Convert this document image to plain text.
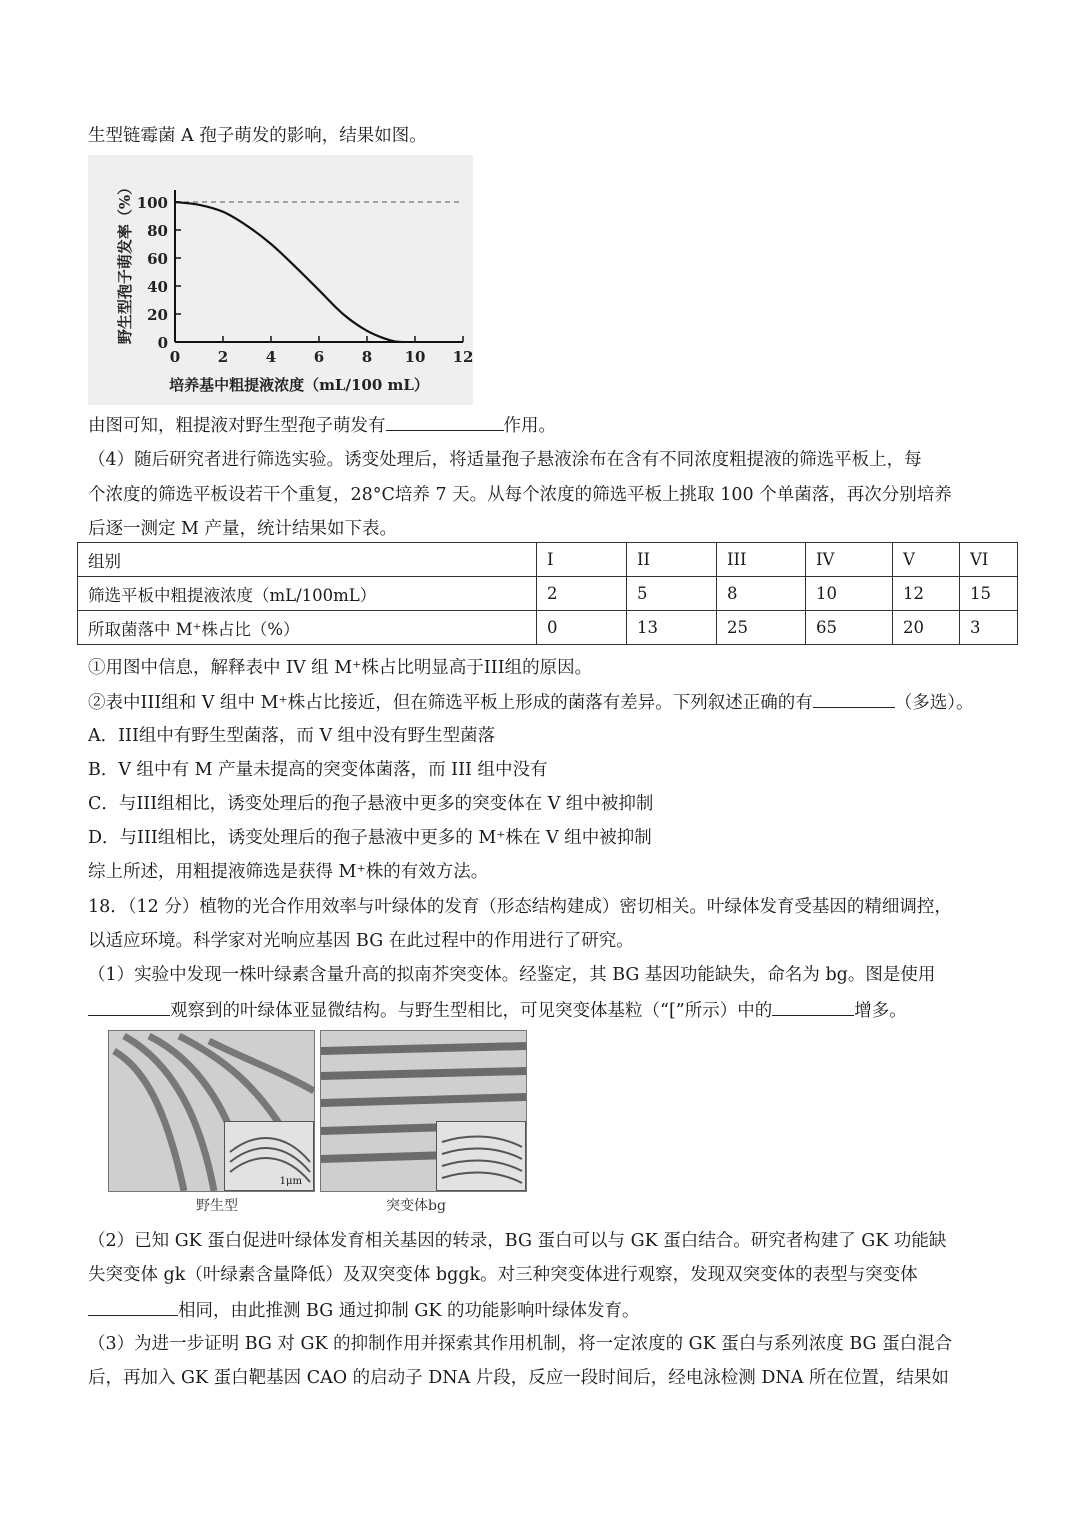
生型链霉菌 A 孢子萌发的影响，结果如图。
0
20
40
60
80
100
0	2	4	6	8 10 12
野生型孢子萌发率（%）
培养基中粗提液浓度（mL/100 mL）
由图可知，粗提液对野生型孢子萌发有	作用。
（4）随后研究者进行筛选实验。诱变处理后，将适量孢子悬液涂布在含有不同浓度粗提液的筛选平板上，每
个浓度的筛选平板设若干个重复，28°C培养 7 天。从每个浓度的筛选平板上挑取 100 个单菌落，再次分别培养
后逐一测定 M 产量，统计结果如下表。
组别	I	II	III	IV	V	VI
筛选平板中粗提液浓度（mL/100mL）	2	5	8	10	12	15
所取菌落中 M⁺株占比（%）	0	13	25	65	20	3
①用图中信息，解释表中 IV 组 M⁺株占比明显高于III组的原因。
②表中III组和 V 组中 M⁺株占比接近，但在筛选平板上形成的菌落有差异。下列叙述正确的有	（多选）。
A．III组中有野生型菌落，而 V 组中没有野生型菌落
B．V 组中有 M 产量未提高的突变体菌落，而 III 组中没有
C．与III组相比，诱变处理后的孢子悬液中更多的突变体在 V 组中被抑制
D．与III组相比，诱变处理后的孢子悬液中更多的 M⁺株在 V 组中被抑制
综上所述，用粗提液筛选是获得 M⁺株的有效方法。
18．（12 分）植物的光合作用效率与叶绿体的发育（形态结构建成）密切相关。叶绿体发育受基因的精细调控，
以适应环境。科学家对光响应基因 BG 在此过程中的作用进行了研究。
（1）实验中发现一株叶绿素含量升高的拟南芥突变体。经鉴定，其 BG 基因功能缺失，命名为 bg。图是使用
观察到的叶绿体亚显微结构。与野生型相比，可见突变体基粒（“[”所示）中的	增多。
1μm
野生型	突变体bg
（2）已知 GK 蛋白促进叶绿体发育相关基因的转录，BG 蛋白可以与 GK 蛋白结合。研究者构建了 GK 功能缺
失突变体 gk（叶绿素含量降低）及双突变体 bggk。对三种突变体进行观察，发现双突变体的表型与突变体
相同，由此推测 BG 通过抑制 GK 的功能影响叶绿体发育。
（3）为进一步证明 BG 对 GK 的抑制作用并探索其作用机制，将一定浓度的 GK 蛋白与系列浓度 BG 蛋白混合
后，再加入 GK 蛋白靶基因 CAO 的启动子 DNA 片段，反应一段时间后，经电泳检测 DNA 所在位置，结果如
